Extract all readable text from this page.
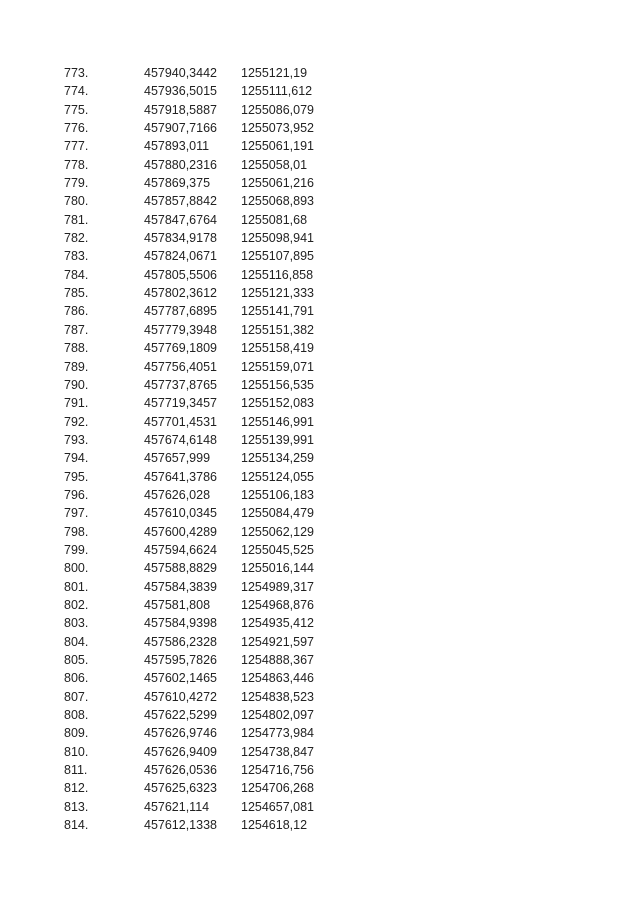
773.	457940,3442	1255121,19
774.	457936,5015	1255111,612
775.	457918,5887	1255086,079
776.	457907,7166	1255073,952
777.	457893,011	1255061,191
778.	457880,2316	1255058,01
779.	457869,375	1255061,216
780.	457857,8842	1255068,893
781.	457847,6764	1255081,68
782.	457834,9178	1255098,941
783.	457824,0671	1255107,895
784.	457805,5506	1255116,858
785.	457802,3612	1255121,333
786.	457787,6895	1255141,791
787.	457779,3948	1255151,382
788.	457769,1809	1255158,419
789.	457756,4051	1255159,071
790.	457737,8765	1255156,535
791.	457719,3457	1255152,083
792.	457701,4531	1255146,991
793.	457674,6148	1255139,991
794.	457657,999	1255134,259
795.	457641,3786	1255124,055
796.	457626,028	1255106,183
797.	457610,0345	1255084,479
798.	457600,4289	1255062,129
799.	457594,6624	1255045,525
800.	457588,8829	1255016,144
801.	457584,3839	1254989,317
802.	457581,808	1254968,876
803.	457584,9398	1254935,412
804.	457586,2328	1254921,597
805.	457595,7826	1254888,367
806.	457602,1465	1254863,446
807.	457610,4272	1254838,523
808.	457622,5299	1254802,097
809.	457626,9746	1254773,984
810.	457626,9409	1254738,847
811.	457626,0536	1254716,756
812.	457625,6323	1254706,268
813.	457621,114	1254657,081
814.	457612,1338	1254618,12
